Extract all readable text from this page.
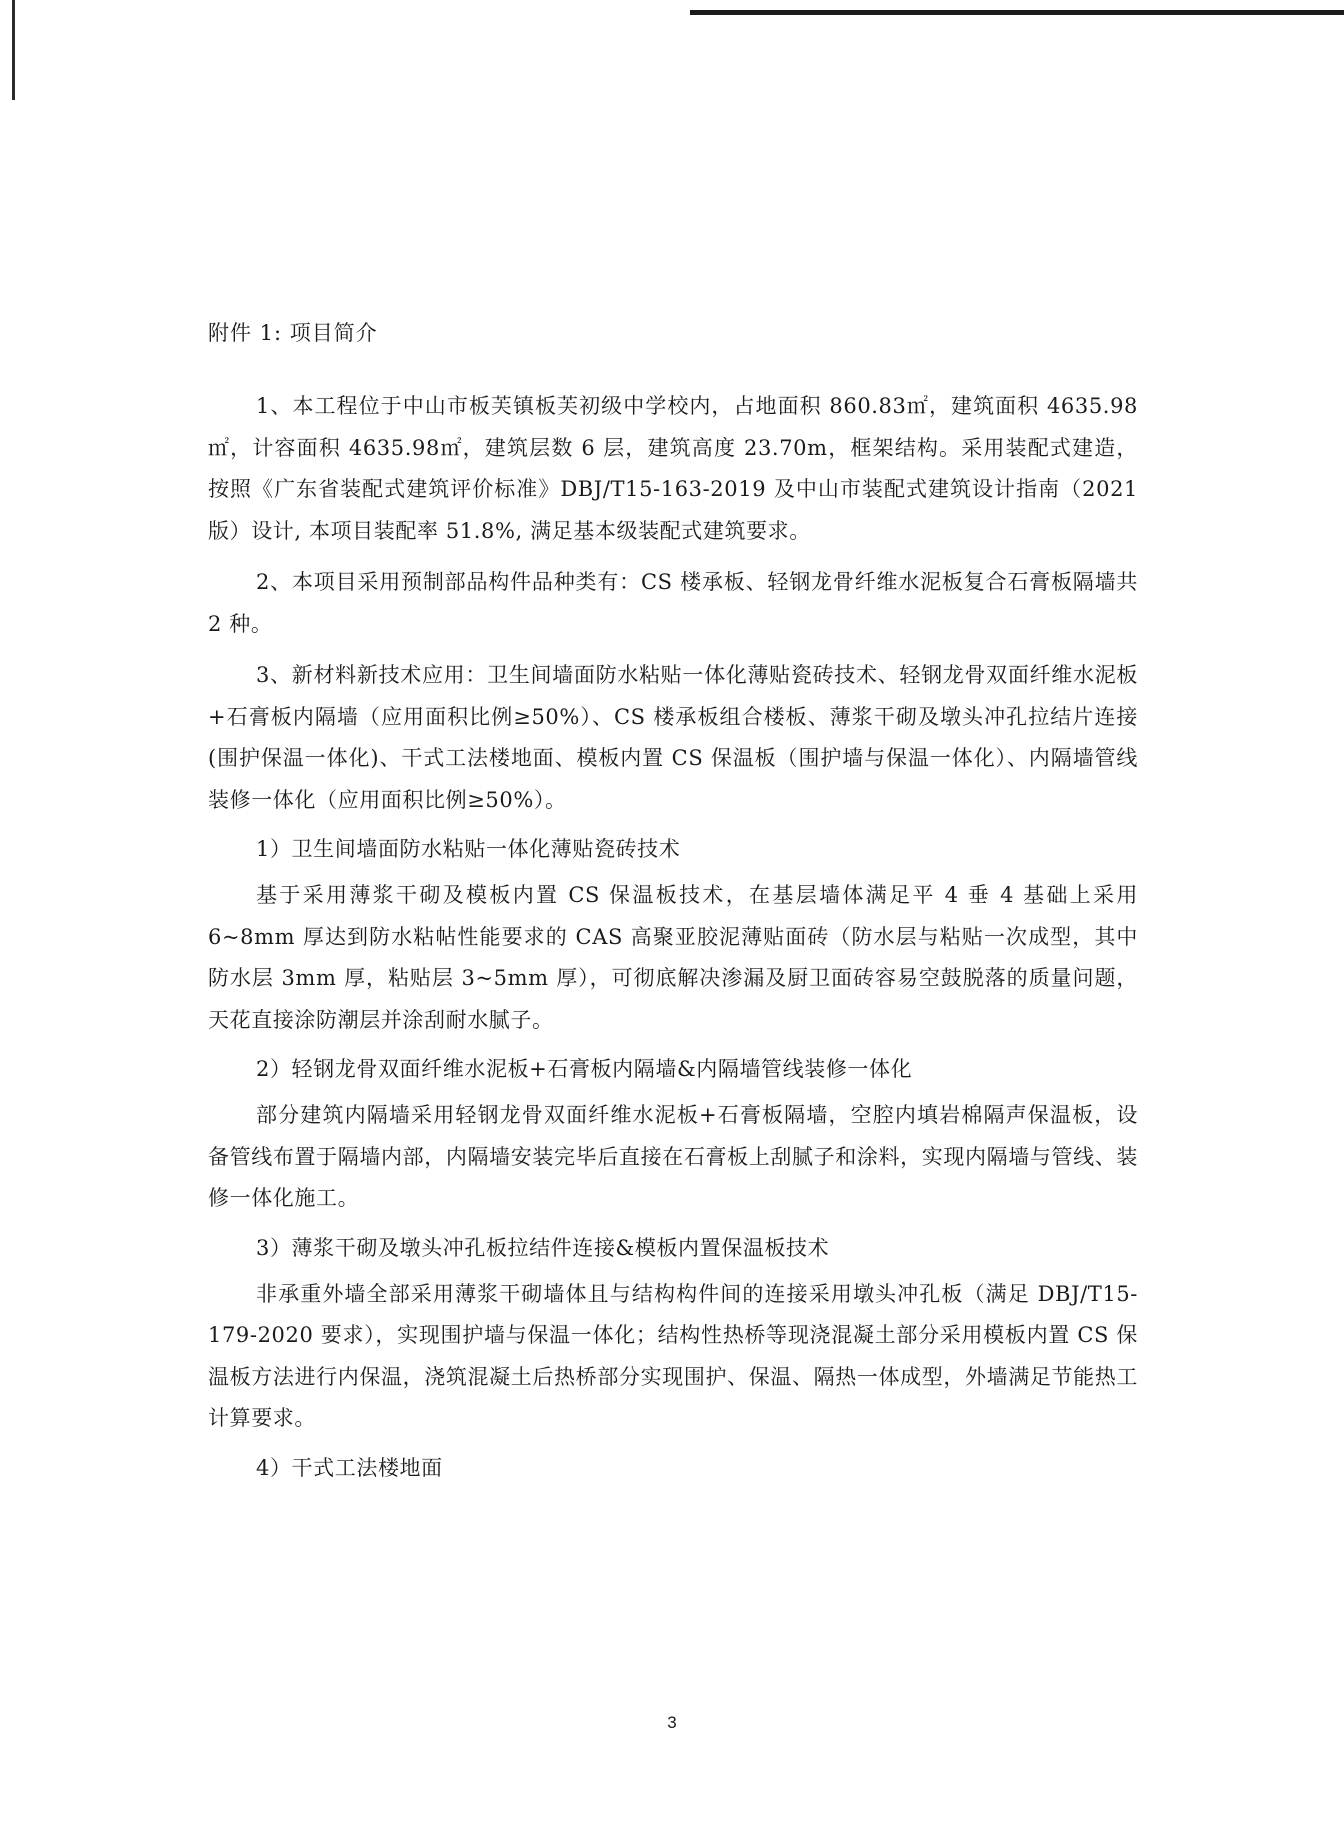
附件 1: 项目简介

1、本工程位于中山市板芙镇板芙初级中学校内，占地面积 860.83㎡，建筑面积 4635.98㎡，计容面积 4635.98㎡，建筑层数 6 层，建筑高度 23.70m，框架结构。采用装配式建造，按照《广东省装配式建筑评价标准》DBJ/T15-163-2019 及中山市装配式建筑设计指南（2021 版）设计, 本项目装配率 51.8%, 满足基本级装配式建筑要求。

2、本项目采用预制部品构件品种类有：CS 楼承板、轻钢龙骨纤维水泥板复合石膏板隔墙共 2 种。

3、新材料新技术应用：卫生间墙面防水粘贴一体化薄贴瓷砖技术、轻钢龙骨双面纤维水泥板+石膏板内隔墙（应用面积比例≥50%）、CS 楼承板组合楼板、薄浆干砌及墩头冲孔拉结片连接(围护保温一体化)、干式工法楼地面、模板内置 CS 保温板（围护墙与保温一体化）、内隔墙管线装修一体化（应用面积比例≥50%）。

1）卫生间墙面防水粘贴一体化薄贴瓷砖技术

基于采用薄浆干砌及模板内置 CS 保温板技术，在基层墙体满足平 4 垂 4 基础上采用 6~8mm 厚达到防水粘帖性能要求的 CAS 高聚亚胶泥薄贴面砖（防水层与粘贴一次成型，其中防水层 3mm 厚，粘贴层 3~5mm 厚），可彻底解决渗漏及厨卫面砖容易空鼓脱落的质量问题，天花直接涂防潮层并涂刮耐水腻子。

2）轻钢龙骨双面纤维水泥板+石膏板内隔墙&内隔墙管线装修一体化

部分建筑内隔墙采用轻钢龙骨双面纤维水泥板+石膏板隔墙，空腔内填岩棉隔声保温板，设备管线布置于隔墙内部，内隔墙安装完毕后直接在石膏板上刮腻子和涂料，实现内隔墙与管线、装修一体化施工。

3）薄浆干砌及墩头冲孔板拉结件连接&模板内置保温板技术

非承重外墙全部采用薄浆干砌墙体且与结构构件间的连接采用墩头冲孔板（满足 DBJ/T15-179-2020 要求），实现围护墙与保温一体化；结构性热桥等现浇混凝土部分采用模板内置 CS 保温板方法进行内保温，浇筑混凝土后热桥部分实现围护、保温、隔热一体成型，外墙满足节能热工计算要求。

4）干式工法楼地面

3
